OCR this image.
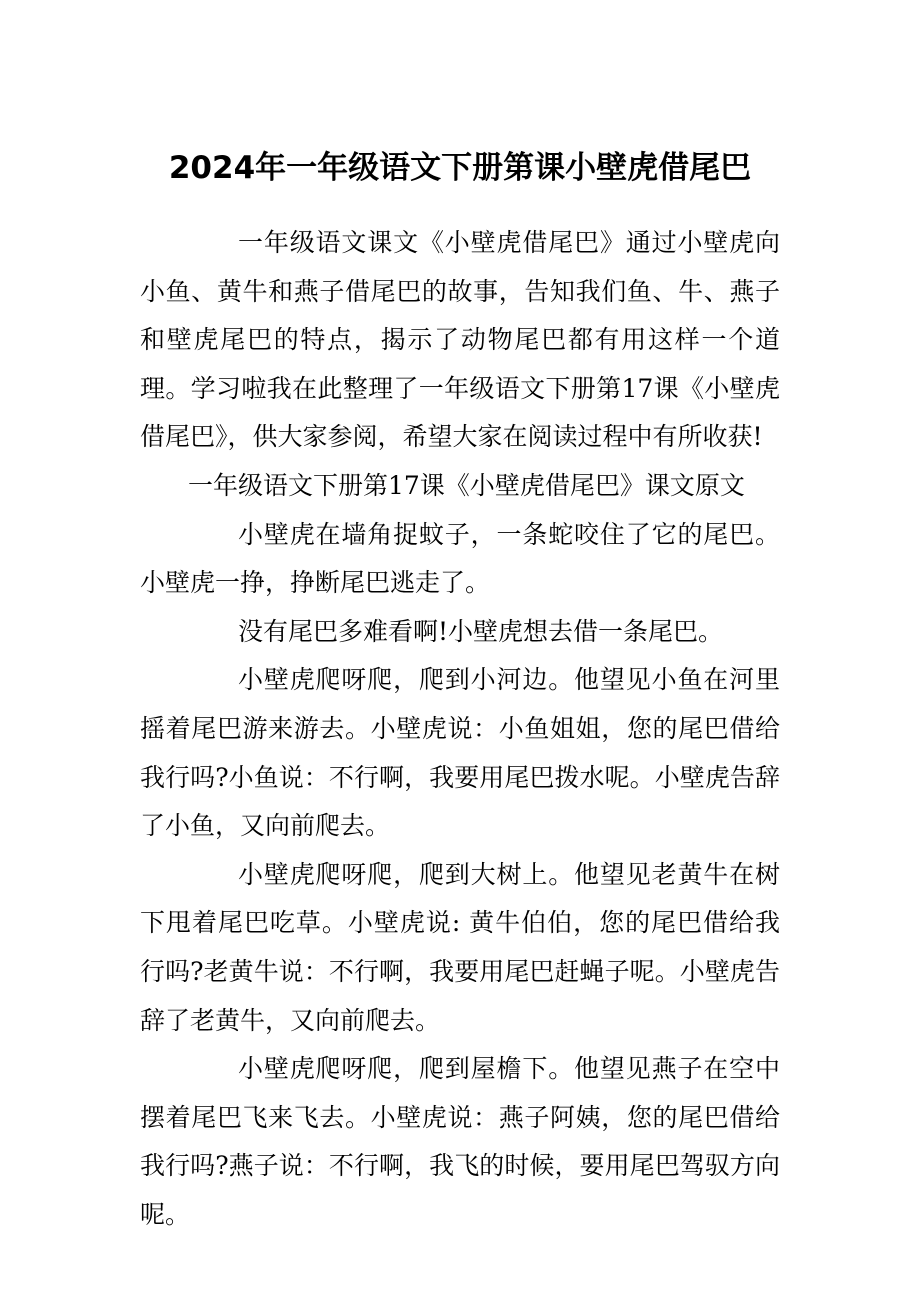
2024年一年级语文下册第课小壁虎借尾巴

一年级语文课文《小壁虎借尾巴》通过小壁虎向小鱼、黄牛和燕子借尾巴的故事，告知我们鱼、牛、燕子和壁虎尾巴的特点，揭示了动物尾巴都有用这样一个道理。学习啦我在此整理了一年级语文下册第17课《小壁虎借尾巴》，供大家参阅，希望大家在阅读过程中有所收获!

一年级语文下册第17课《小壁虎借尾巴》课文原文

小壁虎在墙角捉蚊子，一条蛇咬住了它的尾巴。小壁虎一挣，挣断尾巴逃走了。

没有尾巴多难看啊!小壁虎想去借一条尾巴。

小壁虎爬呀爬，爬到小河边。他望见小鱼在河里摇着尾巴游来游去。小壁虎说：小鱼姐姐，您的尾巴借给我行吗?小鱼说：不行啊，我要用尾巴拨水呢。小壁虎告辞了小鱼，又向前爬去。

小壁虎爬呀爬，爬到大树上。他望见老黄牛在树下甩着尾巴吃草。小壁虎说: 黄牛伯伯，您的尾巴借给我行吗?老黄牛说：不行啊，我要用尾巴赶蝇子呢。小壁虎告辞了老黄牛，又向前爬去。

小壁虎爬呀爬，爬到屋檐下。他望见燕子在空中摆着尾巴飞来飞去。小壁虎说：燕子阿姨，您的尾巴借给我行吗?燕子说：不行啊，我飞的时候，要用尾巴驾驭方向呢。
